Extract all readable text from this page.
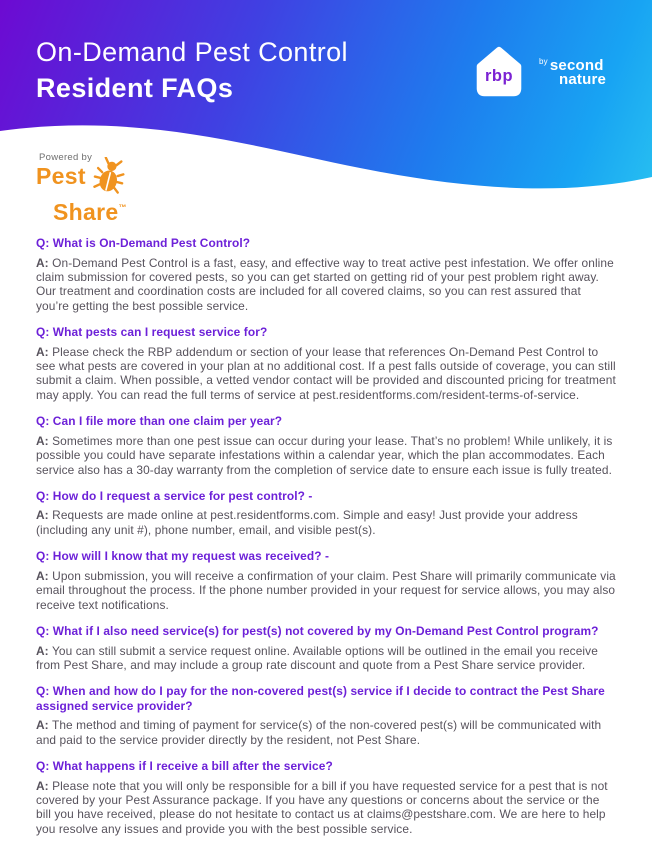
On-Demand Pest Control
Resident FAQs	rbp
$^{by}$ second
nature
Powered by
Pest
Share™
Q: What is On-Demand Pest Control?

A: On-Demand Pest Control is a fast, easy, and effective way to treat active pest infestation. We offer online claim submission for covered pests, so you can get started on getting rid of your pest problem right away. Our treatment and coordination costs are included for all covered claims, so you can rest assured that you’re getting the best possible service.

Q: What pests can I request service for?

A: Please check the RBP addendum or section of your lease that references On-Demand Pest Control to see what pests are covered in your plan at no additional cost. If a pest falls outside of coverage, you can still submit a claim. When possible, a vetted vendor contact will be provided and discounted pricing for treatment may apply. You can read the full terms of service at pest.residentforms.com/resident-terms-of-service.

Q: Can I file more than one claim per year?

A: Sometimes more than one pest issue can occur during your lease. That’s no problem! While unlikely, it is possible you could have separate infestations within a calendar year, which the plan accommodates. Each service also has a 30-day warranty from the completion of service date to ensure each issue is fully treated.

Q: How do I request a service for pest control? -

A: Requests are made online at pest.residentforms.com. Simple and easy! Just provide your address (including any unit #), phone number, email, and visible pest(s).

Q: How will I know that my request was received? -

A: Upon submission, you will receive a confirmation of your claim. Pest Share will primarily communicate via email throughout the process. If the phone number provided in your request for service allows, you may also receive text notifications.

Q: What if I also need service(s) for pest(s) not covered by my On-Demand Pest Control program?

A: You can still submit a service request online. Available options will be outlined in the email you receive from Pest Share, and may include a group rate discount and quote from a Pest Share service provider.

Q: When and how do I pay for the non-covered pest(s) service if I decide to contract the Pest Share assigned service provider?

A: The method and timing of payment for service(s) of the non-covered pest(s) will be communicated with and paid to the service provider directly by the resident, not Pest Share.

Q: What happens if I receive a bill after the service?

A: Please note that you will only be responsible for a bill if you have requested service for a pest that is not covered by your Pest Assurance package. If you have any questions or concerns about the service or the bill you have received, please do not hesitate to contact us at claims@pestshare.com. We are here to help you resolve any issues and provide you with the best possible service.
